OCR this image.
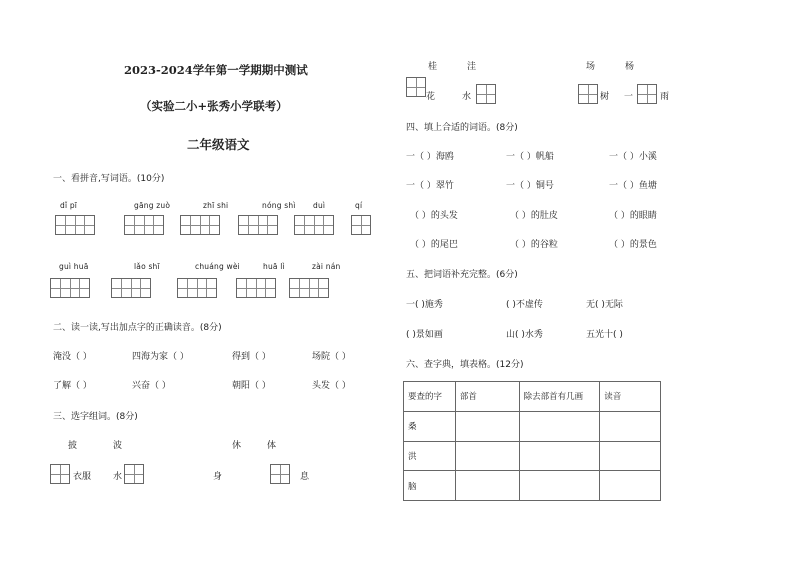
2023-2024学年第一学期期中测试
（实验二小+张秀小学联考）
二年级语文
一、看拼音,写词语。(10分)
dǐ pī	gāng zuò	zhī shi	nóng shì duì	qí
guì huā	lǎo shī	chuáng wèi	huā lì	zài nán
二、读一读,写出加点字的正确读音。(8分)
淹没（ ）	四海为家（ ）	得到（ ）	场院（ ）
了解（ ）	兴奋（ ）	朝阳（ ）	头发（ ）
三、选字组词。(8分)
披	波	休	体
衣服 水	身	息
桂	洼	场	杨
花	水	树 一	雨
四、填上合适的词语。(8分)
一（ ）海鸥	一（ ）帆船	一（ ）小溪
一（ ）翠竹	一（ ）铜号	一（ ）鱼塘
（ ）的头发	（ ）的肚皮	（ ）的眼睛
（ ）的尾巴	（ ）的谷粒	（ ）的景色
五、把词语补充完整。(6分)
一( )施秀	( )不虚传	无( )无际
( )景如画	山( )水秀	五光十( )
六、查字典，填表格。(12分)
要查的字	部首	除去部首有几画	读音
桑			
洪			
脑			
